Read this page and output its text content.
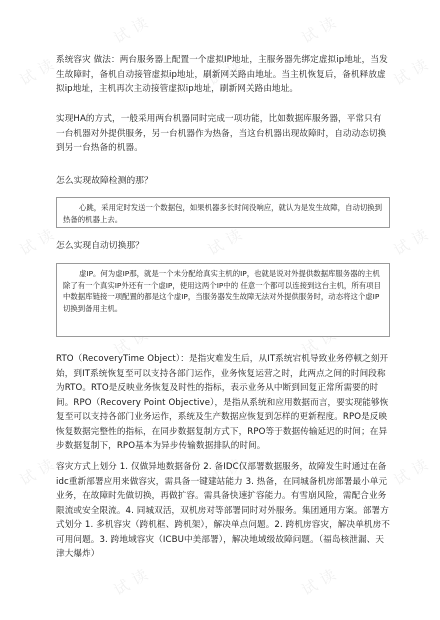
试读
试读
试读
试读
试读
试读	试读	试读
试读	试读
试读	试读	试读
试读	试读

系统容灾 做法：两台服务器上配置一个虚拟IP地址，主服务器先绑定虚拟ip地址，当发生故障时，备机自动接管虚拟ip地址，刷新网关路由地址。当主机恢复后，备机释放虚拟ip地址，主机再次主动接管虚拟ip地址，刷新网关路由地址。

实现HA的方式，一般采用两台机器同时完成一项功能，比如数据库服务器，平常只有一台机器对外提供服务，另一台机器作为热备，当这台机器出现故障时，自动动态切换到另一台热备的机器。

怎么实现故障检测的那？

心跳，采用定时发送一个数据包，如果机器多长时间没响应，就认为是发生故障，自动切换到热备的机器上去。

怎么实现自动切换那？

虚IP。何为虚IP那，就是一个未分配给真实主机的IP，也就是说对外提供数据库服务器的主机除了有一个真实IP外还有一个虚IP，使用这两个IP中的 任意一个都可以连接到这台主机，所有项目中数据库链接一项配置的都是这个虚IP，当服务器发生故障无法对外提供服务时，动态将这个虚IP切换到备用主机。

RTO（RecoveryTime Object）：是指灾难发生后，从IT系统宕机导致业务停顿之刻开始，到IT系统恢复至可以支持各部门运作，业务恢复运营之时，此两点之间的时间段称为RTO。RTO是反映业务恢复及时性的指标，表示业务从中断到回复正常所需要的时间。RPO（Recovery Point Objective），是指从系统和应用数据而言，要实现能够恢复至可以支持各部门业务运作，系统及生产数据应恢复到怎样的更新程度。RPO是反映恢复数据完整性的指标，在同步数据复制方式下，RPO等于数据传输延迟的时间；在异步数据复制下，RPO基本为异步传输数据排队的时间。

容灾方式上划分 1. 仅做异地数据备份 2. 备IDC仅部署数据服务，故障发生时通过在备idc重新部署应用来做容灾，需具备一键建站能力 3. 热备，在同城备机房部署最小单元业务，在故障时先做切换，再做扩容。需具备快速扩容能力。有雪崩风险，需配合业务限流或安全限流。4. 同城双活，双机房对等部署同时对外服务。集团通用方案。部署方式划分 1. 多机容灾（跨机框、跨机架），解决单点问题。2. 跨机房容灾，解决单机房不可用问题。3. 跨地域容灾（ICBU中美部署），解决地域级故障问题。（福岛核泄漏、天津大爆炸）
